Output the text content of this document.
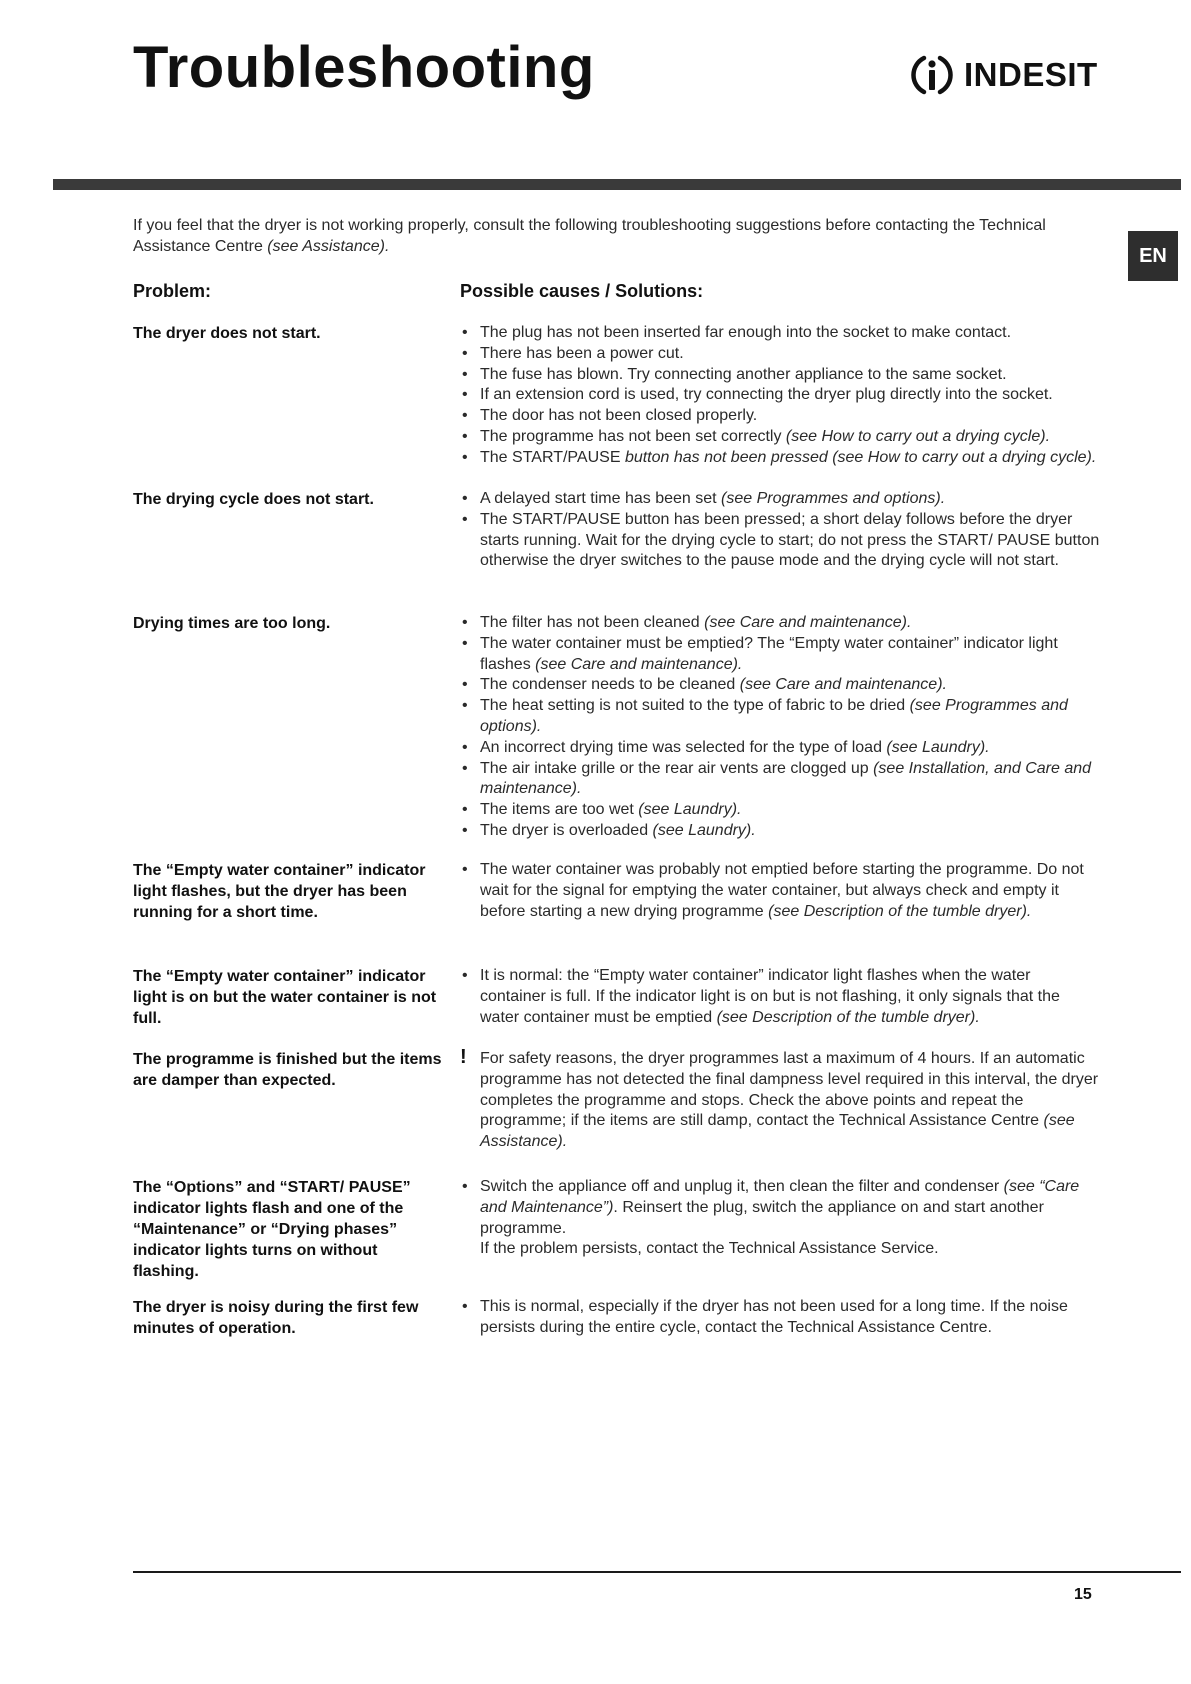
Troubleshooting	INDESIT
EN

If you feel that the dryer is not working properly, consult the following troubleshooting suggestions before contacting the Technical Assistance Centre (see Assistance).

Problem:	Possible causes / Solutions:

The dryer does not start.	• The plug has not been inserted far enough into the socket to make contact.
• There has been a power cut.
• The fuse has blown. Try connecting another appliance to the same socket.
• If an extension cord is used, try connecting the dryer plug directly into the socket.
• The door has not been closed properly.
• The programme has not been set correctly (see How to carry out a drying cycle).
• The START/PAUSE button has not been pressed (see How to carry out a drying cycle).

The drying cycle does not start.	• A delayed start time has been set (see Programmes and options).
• The START/PAUSE button has been pressed; a short delay follows before the dryer starts running. Wait for the drying cycle to start; do not press the START/ PAUSE button otherwise the dryer switches to the pause mode and the drying cycle will not start.

Drying times are too long.	• The filter has not been cleaned (see Care and maintenance).
• The water container must be emptied? The “Empty water container” indicator light flashes (see Care and maintenance).
• The condenser needs to be cleaned (see Care and maintenance).
• The heat setting is not suited to the type of fabric to be dried (see Programmes and options).
• An incorrect drying time was selected for the type of load (see Laundry).
• The air intake grille or the rear air vents are clogged up (see Installation, and Care and maintenance).
• The items are too wet (see Laundry).
• The dryer is overloaded (see Laundry).

The “Empty water container” indicator light flashes, but the dryer has been running for a short time.

• The water container was probably not emptied before starting the programme. Do not wait for the signal for emptying the water container, but always check and empty it before starting a new drying programme (see Description of the tumble dryer).

The “Empty water container” indicator light is on but the water container is not full.

• It is normal: the “Empty water container” indicator light flashes when the water container is full. If the indicator light is on but is not flashing, it only signals that the water container must be emptied (see Description of the tumble dryer).

The programme is finished but the items are damper than expected.

! For safety reasons, the dryer programmes last a maximum of 4 hours. If an automatic programme has not detected the final dampness level required in this interval, the dryer completes the programme and stops. Check the above points and repeat the programme; if the items are still damp, contact the Technical Assistance Centre (see Assistance).

The “Options” and “START/ PAUSE” indicator lights flash and one of the “Maintenance” or “Drying phases” indicator lights turns on without flashing.

• Switch the appliance off and unplug it, then clean the filter and condenser (see “Care and Maintenance”). Reinsert the plug, switch the appliance on and start another programme.
If the problem persists, contact the Technical Assistance Service.

The dryer is noisy during the first few minutes of operation.

• This is normal, especially if the dryer has not been used for a long time. If the noise persists during the entire cycle, contact the Technical Assistance Centre.
15
